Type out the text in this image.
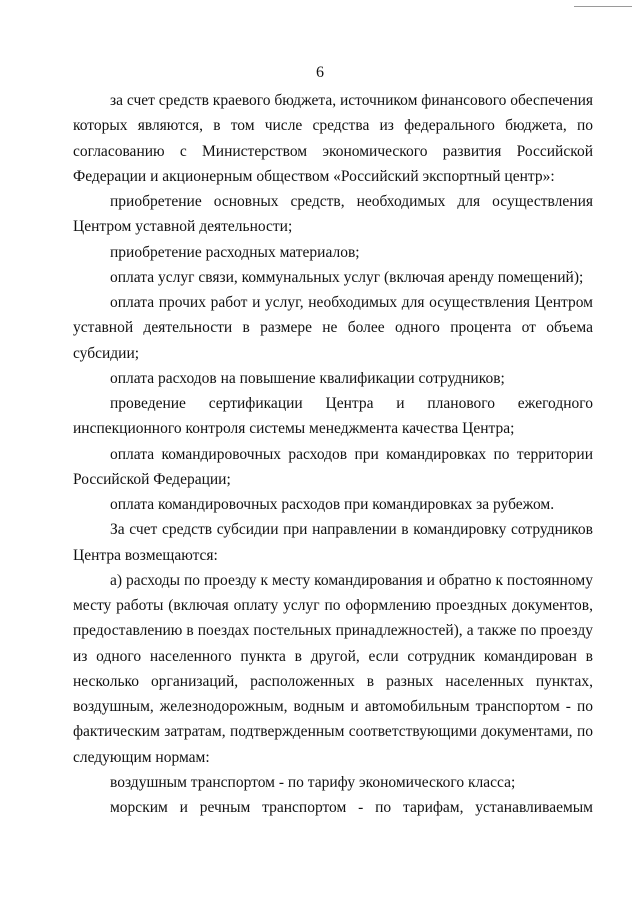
6
за счет средств краевого бюджета, источником финансового обеспечения
которых являются, в том числе средства из федерального бюджета, по
согласованию с Министерством экономического развития Российской
Федерации и акционерным обществом «Российский экспортный центр»:
приобретение основных средств, необходимых для осуществления
Центром уставной деятельности;
приобретение расходных материалов;
оплата услуг связи, коммунальных услуг (включая аренду помещений);
оплата прочих работ и услуг, необходимых для осуществления Центром
уставной деятельности в размере не более одного процента от объема
субсидии;
оплата расходов на повышение квалификации сотрудников;
проведение сертификации Центра и планового ежегодного
инспекционного контроля системы менеджмента качества Центра;
оплата командировочных расходов при командировках по территории
Российской Федерации;
оплата командировочных расходов при командировках за рубежом.
За счет средств субсидии при направлении в командировку сотрудников
Центра возмещаются:
а) расходы по проезду к месту командирования и обратно к постоянному
месту работы (включая оплату услуг по оформлению проездных документов,
предоставлению в поездах постельных принадлежностей), а также по проезду
из одного населенного пункта в другой, если сотрудник командирован в
несколько организаций, расположенных в разных населенных пунктах,
воздушным, железнодорожным, водным и автомобильным транспортом - по
фактическим затратам, подтвержденным соответствующими документами, по
следующим нормам:
воздушным транспортом - по тарифу экономического класса;
морским и речным транспортом - по тарифам, устанавливаемым
